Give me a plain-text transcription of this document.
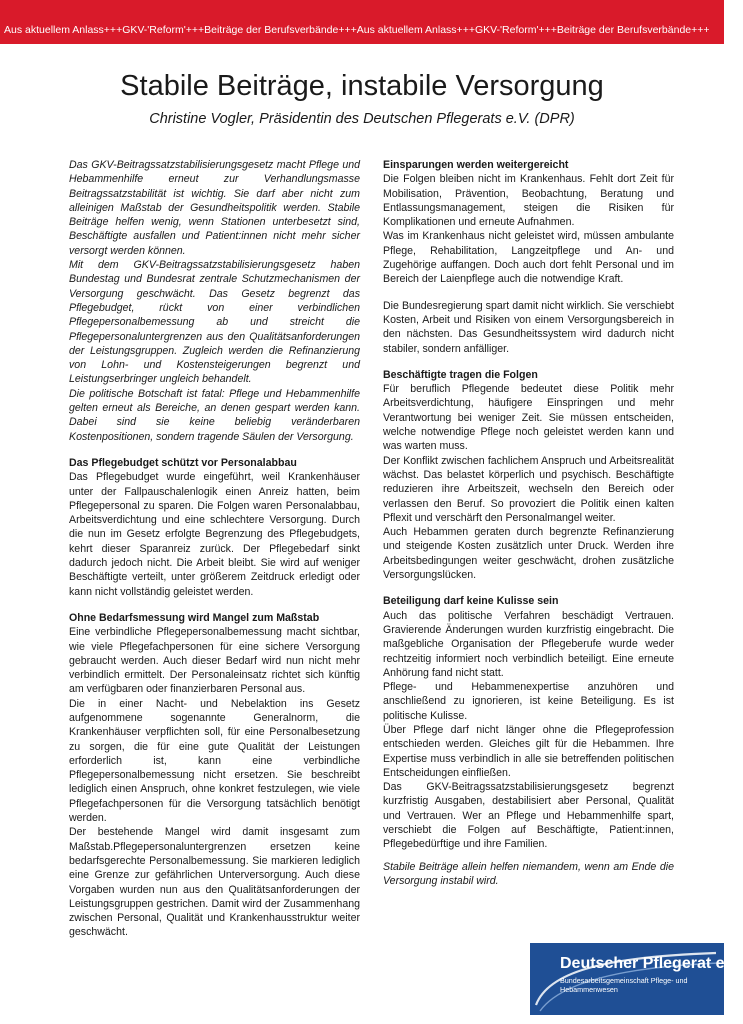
Aus aktuellem Anlass+++GKV-'Reform'+++Beiträge der Berufsverbände+++Aus aktuellem Anlass+++GKV-'Reform'+++Beiträge der Berufsverbände+++
Stabile Beiträge, instabile Versorgung

Christine Vogler, Präsidentin des Deutschen Pflegerats e.V. (DPR)

Das GKV-Beitragssatzstabilisierungsgesetz macht Pflege und Hebammenhilfe erneut zur Verhandlungsmasse Beitragssatzstabilität ist wichtig. Sie darf aber nicht zum alleinigen Maßstab der Gesundheitspolitik werden. Stabile Beiträge helfen wenig, wenn Stationen unterbesetzt sind, Beschäftigte ausfallen und Patient:innen nicht mehr sicher versorgt werden können.

Mit dem GKV-Beitragssatzstabilisierungsgesetz haben Bundestag und Bundesrat zentrale Schutzmechanismen der Versorgung geschwächt. Das Gesetz begrenzt das Pflegebudget, rückt von einer verbindlichen Pflegepersonalbemessung ab und streicht die Pflegepersonaluntergrenzen aus den Qualitätsanforderungen der Leistungsgruppen. Zugleich werden die Refinanzierung von Lohn- und Kostensteigerungen begrenzt und Leistungserbringer ungleich behandelt.

Die politische Botschaft ist fatal: Pflege und Hebammenhilfe gelten erneut als Bereiche, an denen gespart werden kann. Dabei sind sie keine beliebig veränderbaren Kostenpositionen, sondern tragende Säulen der Versorgung.

Das Pflegebudget schützt vor Personalabbau

Das Pflegebudget wurde eingeführt, weil Krankenhäuser unter der Fallpauschalenlogik einen Anreiz hatten, beim Pflegepersonal zu sparen. Die Folgen waren Personalabbau, Arbeitsverdichtung und eine schlechtere Versorgung. Durch die nun im Gesetz erfolgte Begrenzung des Pflegebudgets, kehrt dieser Sparanreiz zurück. Der Pflegebedarf sinkt dadurch jedoch nicht. Die Arbeit bleibt. Sie wird auf weniger Beschäftigte verteilt, unter größerem Zeitdruck erledigt oder kann nicht vollständig geleistet werden.

Ohne Bedarfsmessung wird Mangel zum Maßstab

Eine verbindliche Pflegepersonalbemessung macht sichtbar, wie viele Pflegefachpersonen für eine sichere Versorgung gebraucht werden. Auch dieser Bedarf wird nun nicht mehr verbindlich ermittelt. Der Personaleinsatz richtet sich künftig am verfügbaren oder finanzierbaren Personal aus.

Die in einer Nacht- und Nebelaktion ins Gesetz aufgenommene sogenannte Generalnorm, die Krankenhäuser verpflichten soll, für eine Personalbesetzung zu sorgen, die für eine gute Qualität der Leistungen erforderlich ist, kann eine verbindliche Pflegepersonalbemessung nicht ersetzen. Sie beschreibt lediglich einen Anspruch, ohne konkret festzulegen, wie viele Pflegefachpersonen für die Versorgung tatsächlich benötigt werden.

Der bestehende Mangel wird damit insgesamt zum Maßstab.Pflegepersonaluntergrenzen ersetzen keine bedarfsgerechte Personalbemessung. Sie markieren lediglich eine Grenze zur gefährlichen Unterversorgung. Auch diese Vorgaben wurden nun aus den Qualitätsanforderungen der Leistungsgruppen gestrichen. Damit wird der Zusammenhang zwischen Personal, Qualität und Krankenhausstruktur weiter geschwächt.

Einsparungen werden weitergereicht

Die Folgen bleiben nicht im Krankenhaus. Fehlt dort Zeit für Mobilisation, Prävention, Beobachtung, Beratung und Entlassungsmanagement, steigen die Risiken für Komplikationen und erneute Aufnahmen.

Was im Krankenhaus nicht geleistet wird, müssen ambulante Pflege, Rehabilitation, Langzeitpflege und An- und Zugehörige auffangen. Doch auch dort fehlt Personal und im Bereich der Laienpflege auch die notwendige Kraft.

Die Bundesregierung spart damit nicht wirklich. Sie verschiebt Kosten, Arbeit und Risiken von einem Versorgungsbereich in den nächsten. Das Gesundheitssystem wird dadurch nicht stabiler, sondern anfälliger.

Beschäftigte tragen die Folgen

Für beruflich Pflegende bedeutet diese Politik mehr Arbeitsverdichtung, häufigere Einspringen und mehr Verantwortung bei weniger Zeit. Sie müssen entscheiden, welche notwendige Pflege noch geleistet werden kann und was warten muss.

Der Konflikt zwischen fachlichem Anspruch und Arbeitsrealität wächst. Das belastet körperlich und psychisch. Beschäftigte reduzieren ihre Arbeitszeit, wechseln den Bereich oder verlassen den Beruf. So provoziert die Politik einen kalten Pflexit und verschärft den Personalmangel weiter.

Auch Hebammen geraten durch begrenzte Refinanzierung und steigende Kosten zusätzlich unter Druck. Werden ihre Arbeitsbedingungen weiter geschwächt, drohen zusätzliche Versorgungslücken.

Beteiligung darf keine Kulisse sein

Auch das politische Verfahren beschädigt Vertrauen. Gravierende Änderungen wurden kurzfristig eingebracht. Die maßgebliche Organisation der Pflegeberufe wurde weder rechtzeitig informiert noch verbindlich beteiligt. Eine erneute Anhörung fand nicht statt.

Pflege- und Hebammenexpertise anzuhören und anschließend zu ignorieren, ist keine Beteiligung. Es ist politische Kulisse.

Über Pflege darf nicht länger ohne die Pflegeprofession entschieden werden. Gleiches gilt für die Hebammen. Ihre Expertise muss verbindlich in alle sie betreffenden politischen Entscheidungen einfließen.

Das GKV-Beitragssatzstabilisierungsgesetz begrenzt kurzfristig Ausgaben, destabilisiert aber Personal, Qualität und Vertrauen. Wer an Pflege und Hebammenhilfe spart, verschiebt die Folgen auf Beschäftigte, Patient:innen, Pflegebedürftige und ihre Familien.

Stabile Beiträge allein helfen niemandem, wenn am Ende die Versorgung instabil wird.

Deutscher Pflegerat e.V.
Bundesarbeitsgemeinschaft Pflege- und Hebammenwesen
